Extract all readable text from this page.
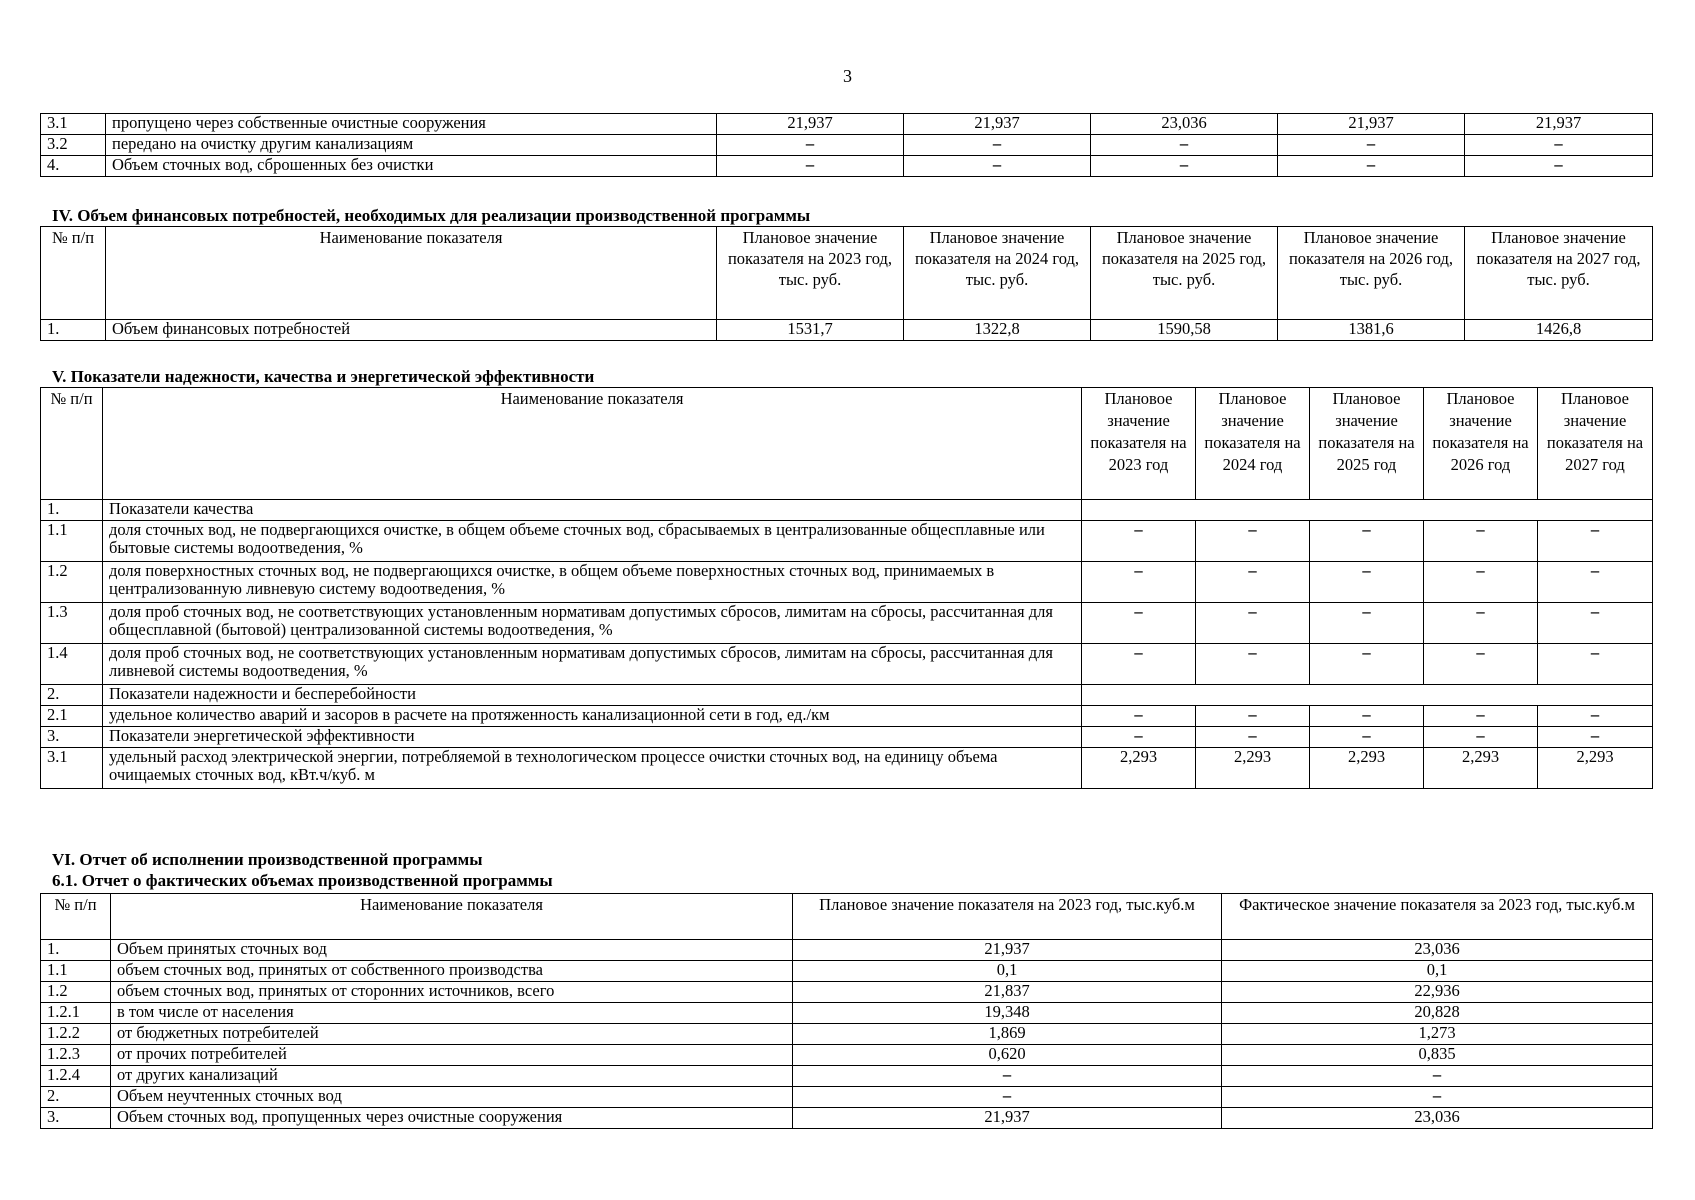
3
3.1	пропущено через собственные очистные сооружения	21,937	21,937	23,036	21,937	21,937
3.2	передано на очистку другим канализациям	–	–	–	–	–
4.	Объем сточных вод, сброшенных без очистки	–	–	–	–	–
IV. Объем финансовых потребностей, необходимых для реализации производственной программы
№ п/п	Наименование показателя	Плановое значение показателя на 2023 год, тыс. руб.	Плановое значение показателя на 2024 год, тыс. руб.	Плановое значение показателя на 2025 год, тыс. руб.	Плановое значение показателя на 2026 год, тыс. руб.	Плановое значение показателя на 2027 год, тыс. руб.
1.	Объем финансовых потребностей	1531,7	1322,8	1590,58	1381,6	1426,8
V. Показатели надежности, качества и энергетической эффективности
№ п/п	Наименование показателя	Плановое значение показателя на 2023 год	Плановое значение показателя на 2024 год	Плановое значение показателя на 2025 год	Плановое значение показателя на 2026 год	Плановое значение показателя на 2027 год
1.	Показатели качества					
1.1	доля сточных вод, не подвергающихся очистке, в общем объеме сточных вод, сбрасываемых в централизованные общесплавные или бытовые системы водоотведения, %	–	–	–	–	–
1.2	доля поверхностных сточных вод, не подвергающихся очистке, в общем объеме поверхностных сточных вод, принимаемых в централизованную ливневую систему водоотведения, %	–	–	–	–	–
1.3	доля проб сточных вод, не соответствующих установленным нормативам допустимых сбросов, лимитам на сбросы, рассчитанная для общесплавной (бытовой) централизованной системы водоотведения, %	–	–	–	–	–
1.4	доля проб сточных вод, не соответствующих установленным нормативам допустимых сбросов, лимитам на сбросы, рассчитанная для ливневой системы водоотведения, %	–	–	–	–	–
2.	Показатели надежности и бесперебойности					
2.1	удельное количество аварий и засоров в расчете на протяженность канализационной сети в год, ед./км	–	–	–	–	–
3.	Показатели энергетической эффективности	–	–	–	–	–
3.1	удельный расход электрической энергии, потребляемой в технологическом процессе очистки сточных вод, на единицу объема очищаемых сточных вод, кВт.ч/куб. м	2,293	2,293	2,293	2,293	2,293
VI. Отчет об исполнении производственной программы
6.1. Отчет о фактических объемах производственной программы
№ п/п	Наименование показателя	Плановое значение показателя на 2023 год, тыс.куб.м	Фактическое значение показателя за 2023 год, тыс.куб.м
1.	Объем принятых сточных вод	21,937	23,036
1.1	объем сточных вод, принятых от собственного производства	0,1	0,1
1.2	объем сточных вод, принятых от сторонних источников, всего	21,837	22,936
1.2.1	в том числе от населения	19,348	20,828
1.2.2	от бюджетных потребителей	1,869	1,273
1.2.3	от прочих потребителей	0,620	0,835
1.2.4	от других канализаций	–	–
2.	Объем неучтенных сточных вод	–	–
3.	Объем сточных вод, пропущенных через очистные сооружения	21,937	23,036
